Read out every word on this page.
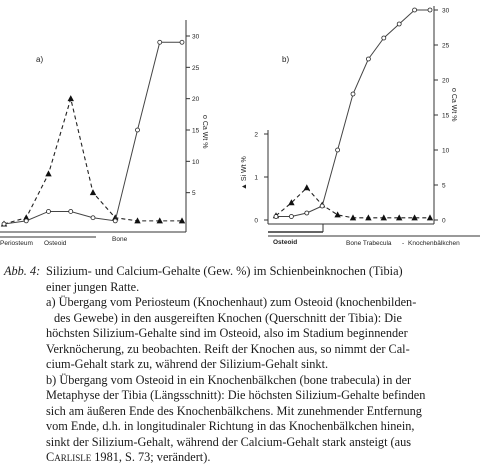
a)
30
25
20
15
10
5
o Ca Wt %
Periosteum Osteoid
Bone
b)
2
1
0
▲ Si Wt %
30
25
20
15
10
5
0
o Ca Wt %
Osteoid	Bone Trabecula - Knochenbälkchen
Abb. 4: Silizium- und Calcium-Gehalte (Gew. %) im Schienbeinknochen (Tibia)
einer jungen Ratte.
a) Übergang vom Periosteum (Knochenhaut) zum Osteoid (knochenbilden-
des Gewebe) in den ausgereiften Knochen (Querschnitt der Tibia): Die
höchsten Silizium-Gehalte sind im Osteoid, also im Stadium beginnender
Verknöcherung, zu beobachten. Reift der Knochen aus, so nimmt der Cal-
cium-Gehalt stark zu, während der Silizium-Gehalt sinkt.
b) Übergang vom Osteoid in ein Knochenbälkchen (bone trabecula) in der
Metaphyse der Tibia (Längsschnitt): Die höchsten Silizium-Gehalte befinden
sich am äußeren Ende des Knochenbälkchens. Mit zunehmender Entfernung
vom Ende, d.h. in longitudinaler Richtung in das Knochenbälkchen hinein,
sinkt der Silizium-Gehalt, während der Calcium-Gehalt stark ansteigt (aus
Carlisle 1981, S. 73; verändert).
